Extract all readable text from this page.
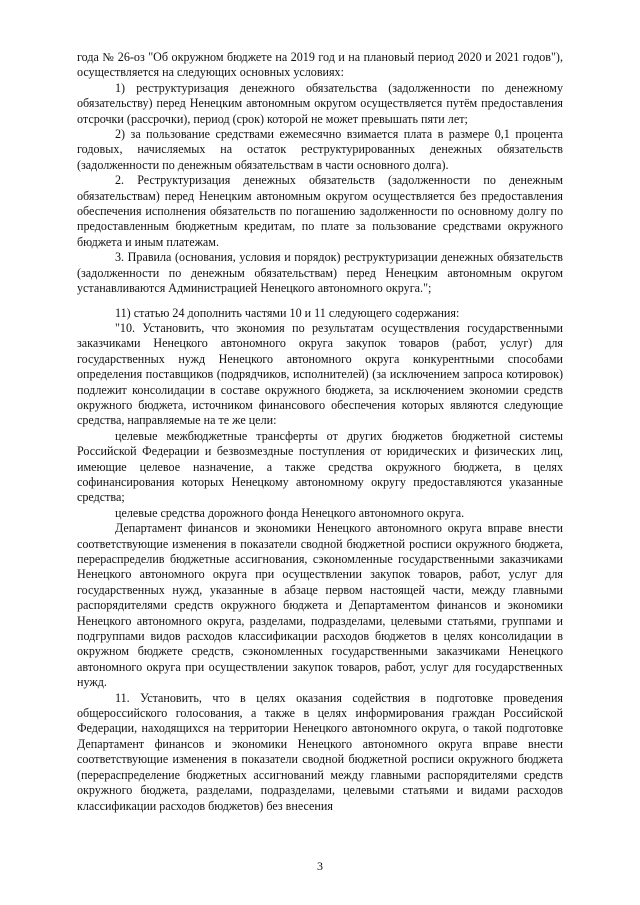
года № 26-оз "Об окружном бюджете на 2019 год и на плановый период 2020 и 2021 годов"), осуществляется на следующих основных условиях:

1) реструктуризация денежного обязательства (задолженности по денежному обязательству) перед Ненецким автономным округом осуществляется путём предоставления отсрочки (рассрочки), период (срок) которой не может превышать пяти лет;

2) за пользование средствами ежемесячно взимается плата в размере 0,1 процента годовых, начисляемых на остаток реструктурированных денежных обязательств (задолженности по денежным обязательствам в части основного долга).

2. Реструктуризация денежных обязательств (задолженности по денежным обязательствам) перед Ненецким автономным округом осуществляется без предоставления обеспечения исполнения обязательств по погашению задолженности по основному долгу по предоставленным бюджетным кредитам, по плате за пользование средствами окружного бюджета и иным платежам.

3. Правила (основания, условия и порядок) реструктуризации денежных обязательств (задолженности по денежным обязательствам) перед Ненецким автономным округом устанавливаются Администрацией Ненецкого автономного округа.";

11) статью 24 дополнить частями 10 и 11 следующего содержания:

"10. Установить, что экономия по результатам осуществления государственными заказчиками Ненецкого автономного округа закупок товаров (работ, услуг) для государственных нужд Ненецкого автономного округа конкурентными способами определения поставщиков (подрядчиков, исполнителей) (за исключением запроса котировок) подлежит консолидации в составе окружного бюджета, за исключением экономии средств окружного бюджета, источником финансового обеспечения которых являются следующие средства, направляемые на те же цели:

целевые межбюджетные трансферты от других бюджетов бюджетной системы Российской Федерации и безвозмездные поступления от юридических и физических лиц, имеющие целевое назначение, а также средства окружного бюджета, в целях софинансирования которых Ненецкому автономному округу предоставляются указанные средства;

целевые средства дорожного фонда Ненецкого автономного округа.

Департамент финансов и экономики Ненецкого автономного округа вправе внести соответствующие изменения в показатели сводной бюджетной росписи окружного бюджета, перераспределив бюджетные ассигнования, сэкономленные государственными заказчиками Ненецкого автономного округа при осуществлении закупок товаров, работ, услуг для государственных нужд, указанные в абзаце первом настоящей части, между главными распорядителями средств окружного бюджета и Департаментом финансов и экономики Ненецкого автономного округа, разделами, подразделами, целевыми статьями, группами и подгруппами видов расходов классификации расходов бюджетов в целях консолидации в окружном бюджете средств, сэкономленных государственными заказчиками Ненецкого автономного округа при осуществлении закупок товаров, работ, услуг для государственных нужд.

11. Установить, что в целях оказания содействия в подготовке проведения общероссийского голосования, а также в целях информирования граждан Российской Федерации, находящихся на территории Ненецкого автономного округа, о такой подготовке Департамент финансов и экономики Ненецкого автономного округа вправе внести соответствующие изменения в показатели сводной бюджетной росписи окружного бюджета (перераспределение бюджетных ассигнований между главными распорядителями средств окружного бюджета, разделами, подразделами, целевыми статьями и видами расходов классификации расходов бюджетов) без внесения

3
